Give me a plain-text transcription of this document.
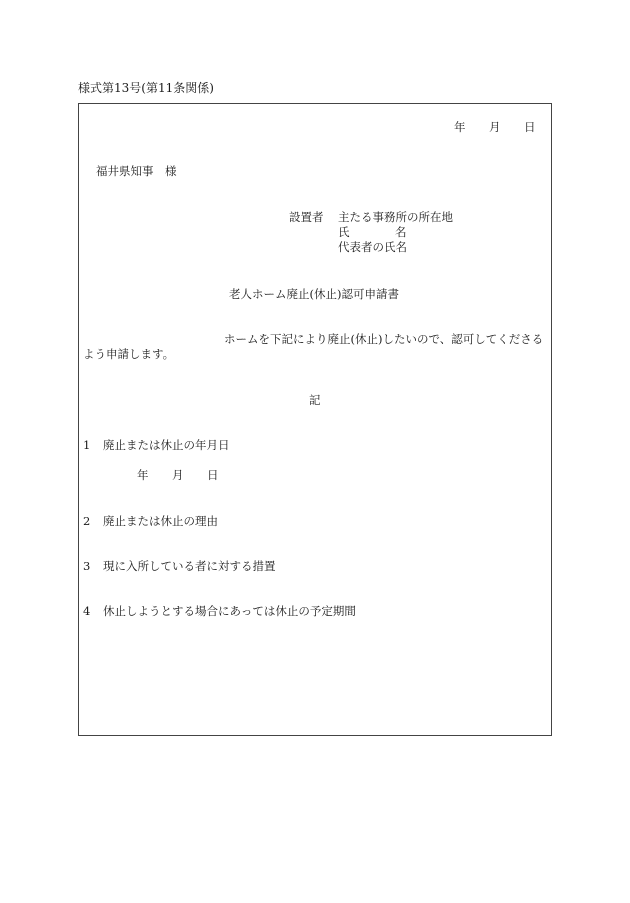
様式第13号(第11条関係)
年 月 日
福井県知事　様
設置者 主たる事務所の所在地
氏	名
代表者の氏名
老人ホーム廃止(休止)認可申請書
ホームを下記により廃止(休止)したいので、認可してくださる
よう申請します。
記
1 廃止または休止の年月日
年 月 日
2 廃止または休止の理由
3 現に入所している者に対する措置
4 休止しようとする場合にあっては休止の予定期間
